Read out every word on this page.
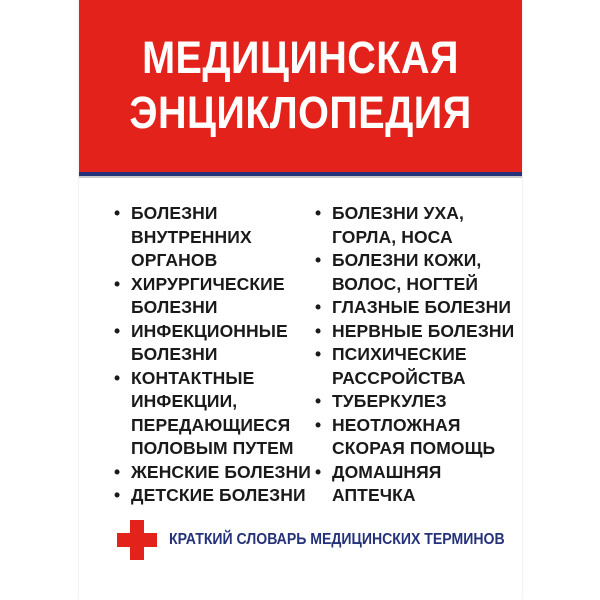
МЕДИЦИНСКАЯ
ЭНЦИКЛОПЕДИЯ
• БОЛЕЗНИ
ВНУТРЕННИХ
ОРГАНОВ
• ХИРУРГИЧЕСКИЕ
БОЛЕЗНИ
• ИНФЕКЦИОННЫЕ
БОЛЕЗНИ
• КОНТАКТНЫЕ
ИНФЕКЦИИ,
ПЕРЕДАЮЩИЕСЯ
ПОЛОВЫМ ПУТЕМ
• ЖЕНСКИЕ БОЛЕЗНИ
• ДЕТСКИЕ БОЛЕЗНИ
• БОЛЕЗНИ УХА,
ГОРЛА, НОСА
• БОЛЕЗНИ КОЖИ,
ВОЛОС, НОГТЕЙ
• ГЛАЗНЫЕ БОЛЕЗНИ
• НЕРВНЫЕ БОЛЕЗНИ
• ПСИХИЧЕСКИЕ
РАССРОЙСТВА
• ТУБЕРКУЛЕЗ
• НЕОТЛОЖНАЯ
СКОРАЯ ПОМОЩЬ
• ДОМАШНЯЯ
АПТЕЧКА
КРАТКИЙ СЛОВАРЬ МЕДИЦИНСКИХ ТЕРМИНОВ
